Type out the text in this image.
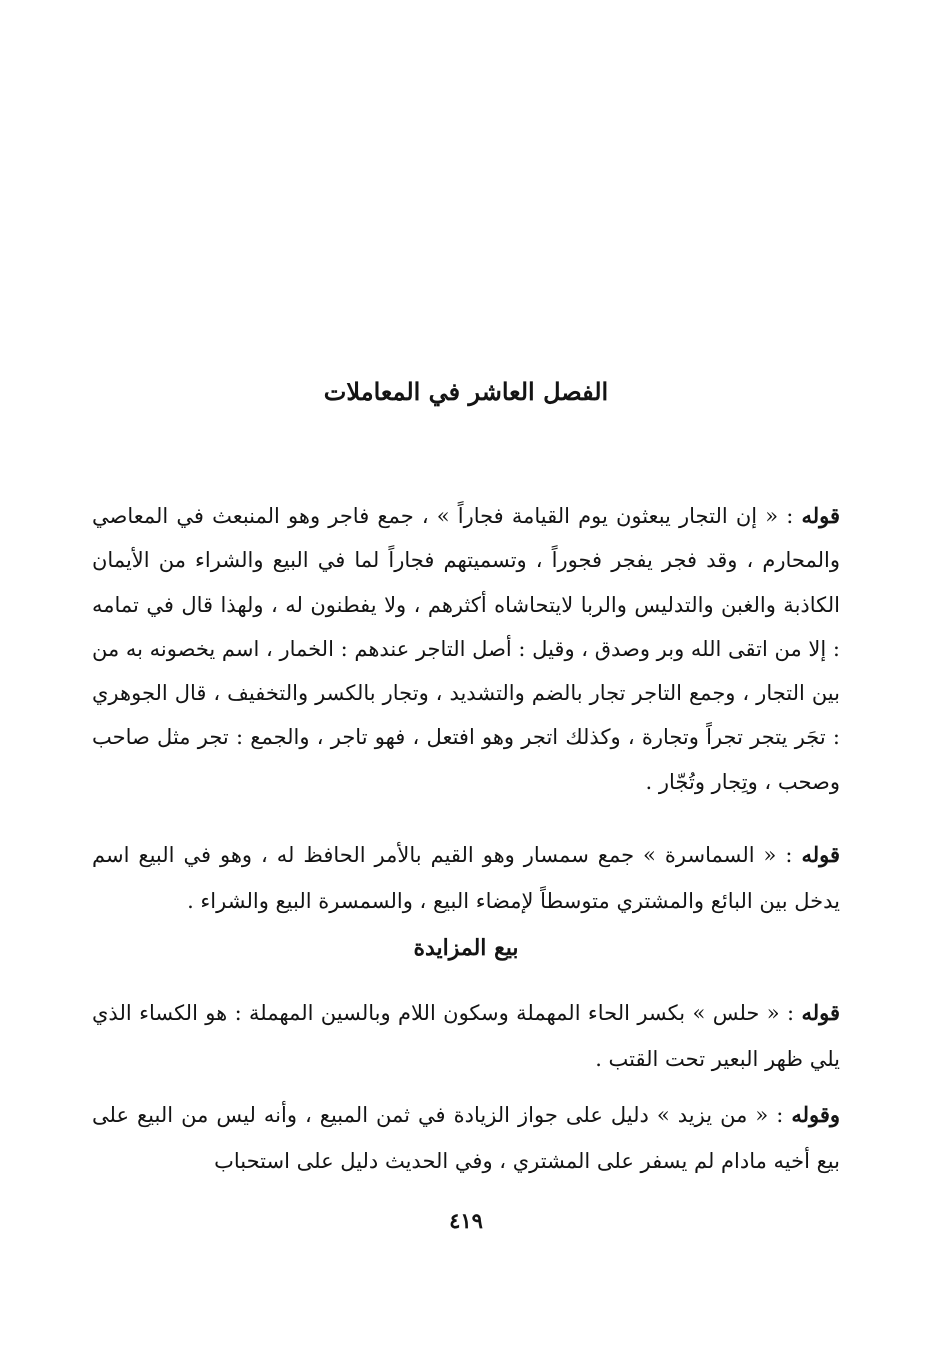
الفصل العاشر في المعاملات

قوله : « إن التجار يبعثون يوم القيامة فجاراً » ، جمع فاجر وهو المنبعث في المعاصي والمحارم ، وقد فجر يفجر فجوراً ، وتسميتهم فجاراً لما في البيع والشراء من الأيمان الكاذبة والغبن والتدليس والربا لايتحاشاه أكثرهم ، ولا يفطنون له ، ولهذا قال في تمامه : إلا من اتقى الله وبر وصدق ، وقيل : أصل التاجر عندهم : الخمار ، اسم يخصونه به من بين التجار ، وجمع التاجر تجار بالضم والتشديد ، وتجار بالكسر والتخفيف ، قال الجوهري : تجَر يتجر تجراً وتجارة ، وكذلك اتجر وهو افتعل ، فهو تاجر ، والجمع : تجر مثل صاحب وصحب ، وتِجار وتُجّار .

قوله : « السماسرة » جمع سمسار وهو القيم بالأمر الحافظ له ، وهو في البيع اسم يدخل بين البائع والمشتري متوسطاً لإمضاء البيع ، والسمسرة البيع والشراء .

بيع المزايدة

قوله : « حلس » بكسر الحاء المهملة وسكون اللام وبالسين المهملة : هو الكساء الذي يلي ظهر البعير تحت القتب .

وقوله : « من يزيد » دليل على جواز الزيادة في ثمن المبيع ، وأنه ليس من البيع على بيع أخيه مادام لم يسفر على المشتري ، وفي الحديث دليل على استحباب

٤١٩
